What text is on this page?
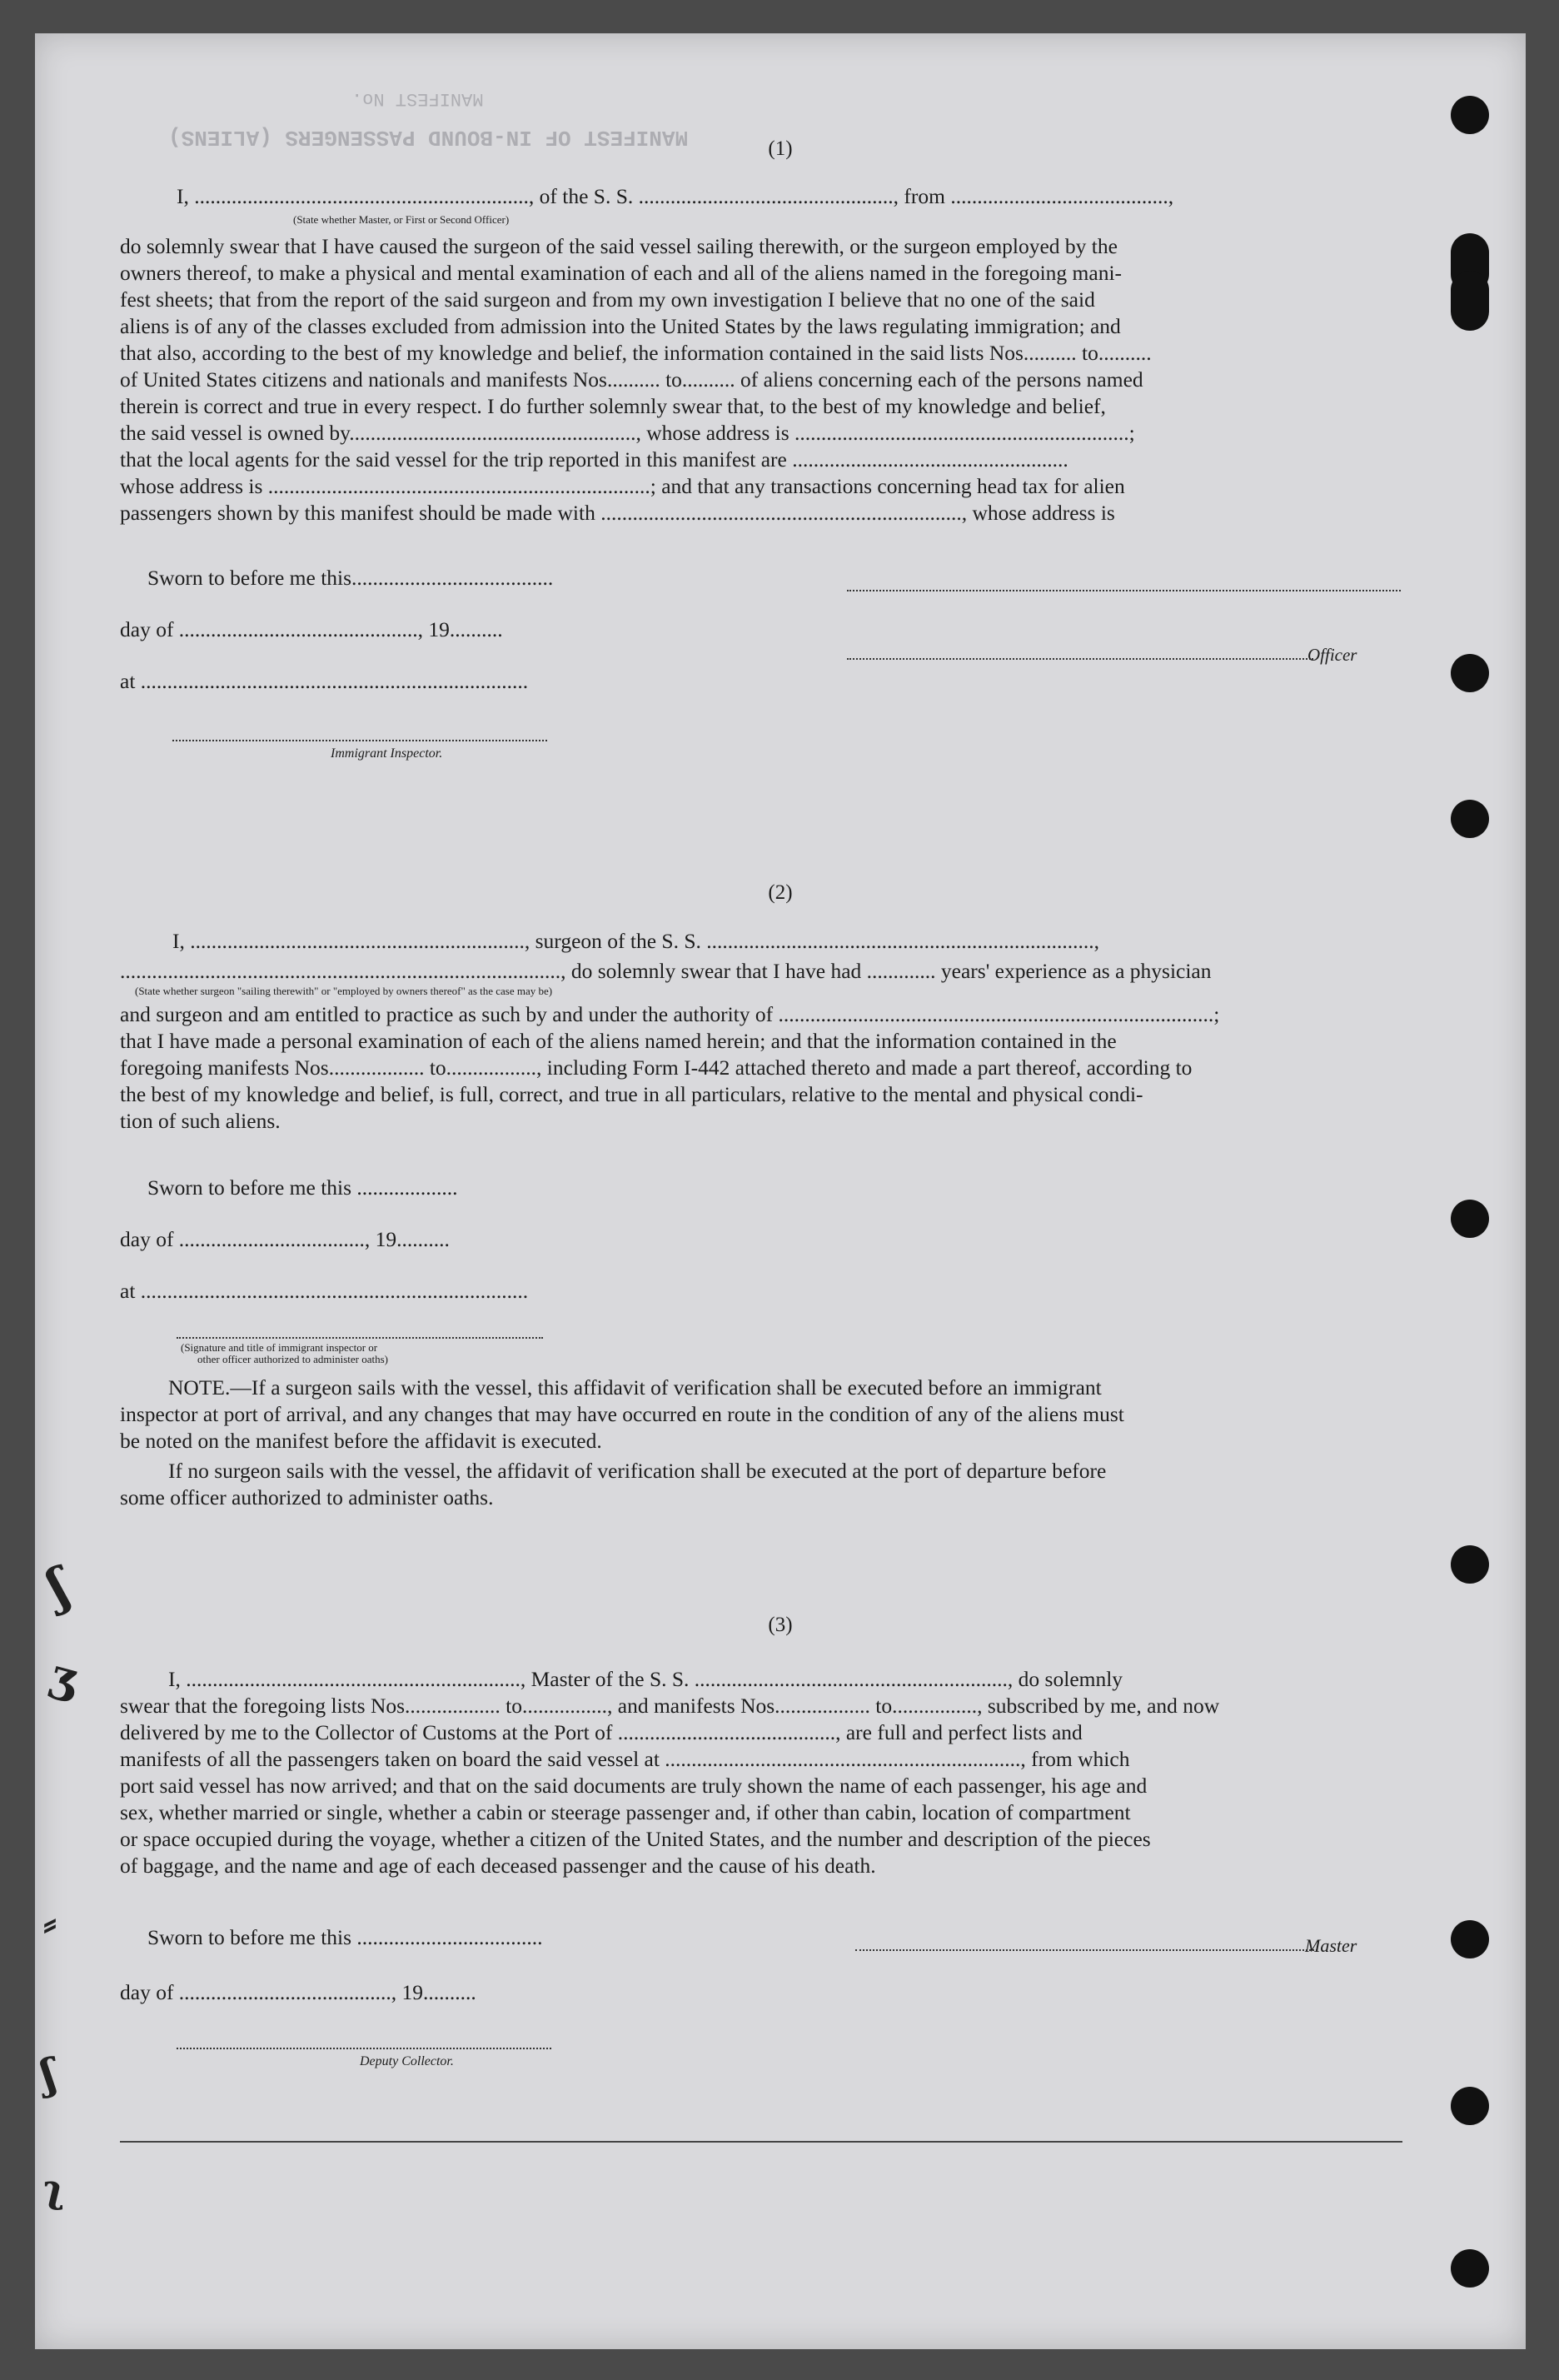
MANIFEST OF IN-BOUND PASSENGERS (ALIENS)
MANIFEST No.
(1)
I, ..............................................................., of the S. S. ................................................, from .........................................,
(State whether Master, or First or Second Officer)
do solemnly swear that I have caused the surgeon of the said vessel sailing therewith, or the surgeon employed by the
owners thereof, to make a physical and mental examination of each and all of the aliens named in the foregoing mani-
fest sheets; that from the report of the said surgeon and from my own investigation I believe that no one of the said
aliens is of any of the classes excluded from admission into the United States by the laws regulating immigration; and
that also, according to the best of my knowledge and belief, the information contained in the said lists Nos.......... to..........
of United States citizens and nationals and manifests Nos.......... to.......... of aliens concerning each of the persons named
therein is correct and true in every respect. I do further solemnly swear that, to the best of my knowledge and belief,
the said vessel is owned by......................................................, whose address is ...............................................................;
that the local agents for the said vessel for the trip reported in this manifest are ....................................................
whose address is ........................................................................; and that any transactions concerning head tax for alien
passengers shown by this manifest should be made with ...................................................................., whose address is
Sworn to before me this......................................
day of ............................................., 19..........
at .........................................................................
Immigrant Inspector.
Officer
(2)
I, ..............................................................., surgeon of the S. S. .........................................................................,
..................................................................................., do solemnly swear that I have had ............. years' experience as a physician
(State whether surgeon "sailing therewith" or "employed by owners thereof" as the case may be)
and surgeon and am entitled to practice as such by and under the authority of ..................................................................................;
that I have made a personal examination of each of the aliens named herein; and that the information contained in the
foregoing manifests Nos.................. to................., including Form I-442 attached thereto and made a part thereof, according to
the best of my knowledge and belief, is full, correct, and true in all particulars, relative to the mental and physical condi-
tion of such aliens.
Sworn to before me this ...................
day of ..................................., 19..........
at .........................................................................
(Signature and title of immigrant inspector or
other officer authorized to administer oaths)
NOTE.—If a surgeon sails with the vessel, this affidavit of verification shall be executed before an immigrant
inspector at port of arrival, and any changes that may have occurred en route in the condition of any of the aliens must
be noted on the manifest before the affidavit is executed.
If no surgeon sails with the vessel, the affidavit of verification shall be executed at the port of departure before
some officer authorized to administer oaths.
(3)
I, ..............................................................., Master of the S. S. ..........................................................., do solemnly
swear that the foregoing lists Nos.................. to................, and manifests Nos.................. to................, subscribed by me, and now
delivered by me to the Collector of Customs at the Port of ........................................., are full and perfect lists and
manifests of all the passengers taken on board the said vessel at ..................................................................., from which
port said vessel has now arrived; and that on the said documents are truly shown the name of each passenger, his age and
sex, whether married or single, whether a cabin or steerage passenger and, if other than cabin, location of compartment
or space occupied during the voyage, whether a citizen of the United States, and the number and description of the pieces
of baggage, and the name and age of each deceased passenger and the cause of his death.
Sworn to before me this ...................................
day of ........................................, 19..........
Deputy Collector.
Master
ʃ
ʒ
⸗
ʃ
ʅ
